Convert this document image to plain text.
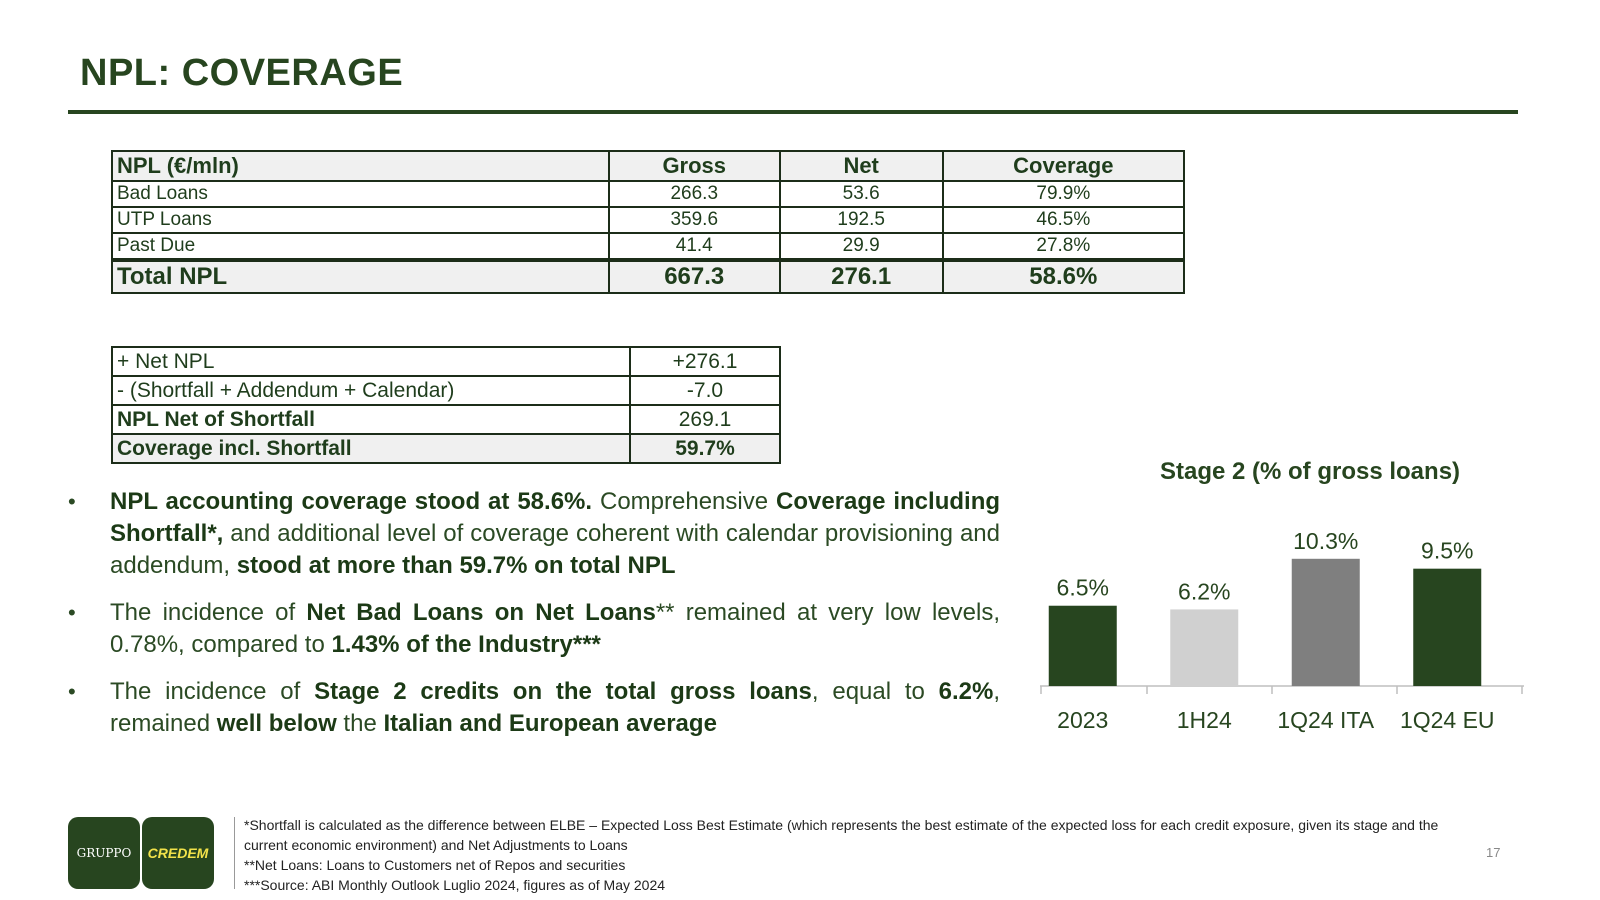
NPL: COVERAGE
NPL (€/mln)	Gross	Net	Coverage
Bad Loans	266.3	53.6	79.9%
UTP Loans	359.6	192.5	46.5%
Past Due	41.4	29.9	27.8%
Total NPL	667.3	276.1	58.6%
+ Net NPL	+276.1
- (Shortfall + Addendum + Calendar)	-7.0
NPL Net of Shortfall	269.1
Coverage incl. Shortfall	59.7%
• NPL accounting coverage stood at 58.6%. Comprehensive Coverage including Shortfall*, and additional level of coverage coherent with calendar provisioning and addendum, stood at more than 59.7% on total NPL
• The incidence of Net Bad Loans on Net Loans** remained at very low levels, 0.78%, compared to 1.43% of the Industry***
• The incidence of Stage 2 credits on the total gross loans, equal to 6.2%, remained well below the Italian and European average
Stage 2 (% of gross loans)
6.5%
2023
6.2%
1H24
10.3%
1Q24 ITA
9.5%
1Q24 EU
GRUPPO	CREDEM
*Shortfall is calculated as the difference between ELBE – Expected Loss Best Estimate (which represents the best estimate of the expected loss for each credit exposure, given its stage and the current economic environment) and Net Adjustments to Loans
**Net Loans: Loans to Customers net of Repos and securities
***Source: ABI Monthly Outlook Luglio 2024, figures as of May 2024
17
